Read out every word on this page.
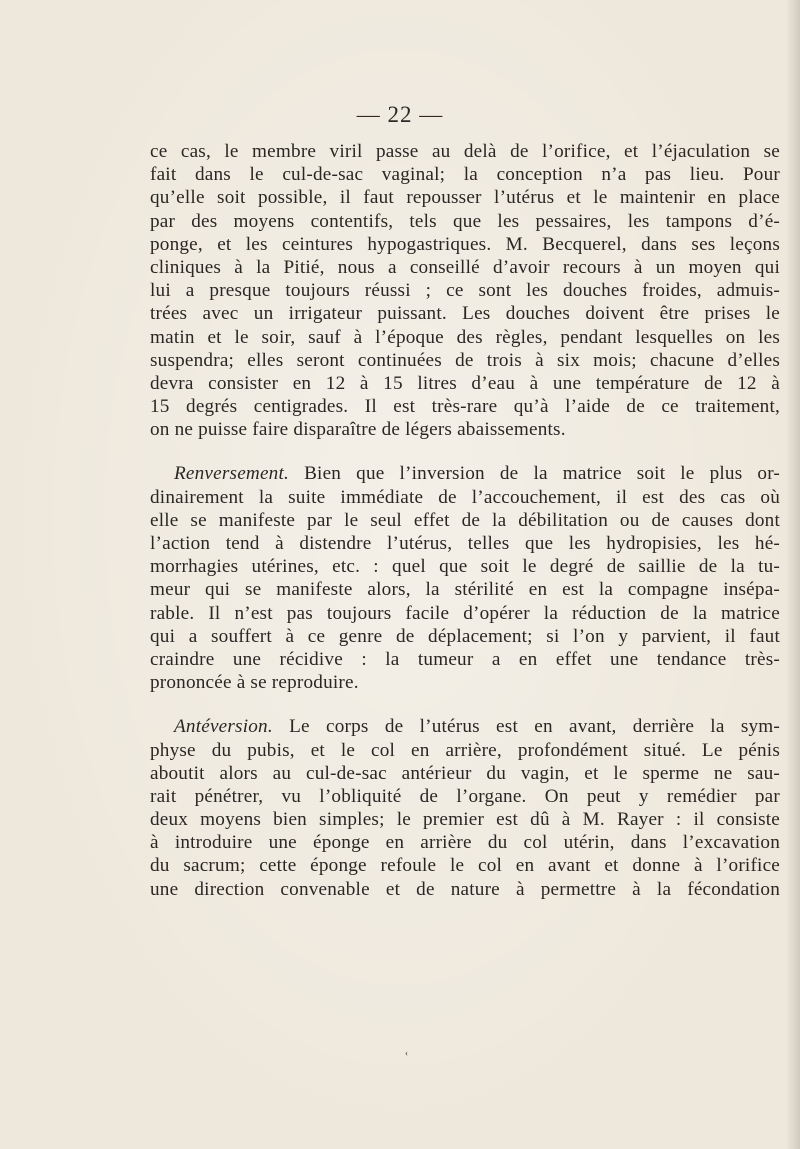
— 22 —
ce cas, le membre viril passe au delà de l’orifice, et l’éjaculation se
fait dans le cul-de-sac vaginal; la conception n’a pas lieu. Pour
qu’elle soit possible, il faut repousser l’utérus et le maintenir en place
par des moyens contentifs, tels que les pessaires, les tampons d’é-
ponge, et les ceintures hypogastriques. M. Becquerel, dans ses leçons
cliniques à la Pitié, nous a conseillé d’avoir recours à un moyen qui
lui a presque toujours réussi ; ce sont les douches froides, admuis-
trées avec un irrigateur puissant. Les douches doivent être prises le
matin et le soir, sauf à l’époque des règles, pendant lesquelles on les
suspendra; elles seront continuées de trois à six mois; chacune d’elles
devra consister en 12 à 15 litres d’eau à une température de 12 à
15 degrés centigrades. Il est très-rare qu’à l’aide de ce traitement,
on ne puisse faire disparaître de légers abaissements.
Renversement. Bien que l’inversion de la matrice soit le plus or-
dinairement la suite immédiate de l’accouchement, il est des cas où
elle se manifeste par le seul effet de la débilitation ou de causes dont
l’action tend à distendre l’utérus, telles que les hydropisies, les hé-
morrhagies utérines, etc. : quel que soit le degré de saillie de la tu-
meur qui se manifeste alors, la stérilité en est la compagne insépa-
rable. Il n’est pas toujours facile d’opérer la réduction de la matrice
qui a souffert à ce genre de déplacement; si l’on y parvient, il faut
craindre une récidive : la tumeur a en effet une tendance très-
prononcée à se reproduire.
Antéversion. Le corps de l’utérus est en avant, derrière la sym-
physe du pubis, et le col en arrière, profondément situé. Le pénis
aboutit alors au cul-de-sac antérieur du vagin, et le sperme ne sau-
rait pénétrer, vu l’obliquité de l’organe. On peut y remédier par
deux moyens bien simples; le premier est dû à M. Rayer : il consiste
à introduire une éponge en arrière du col utérin, dans l’excavation
du sacrum; cette éponge refoule le col en avant et donne à l’orifice
une direction convenable et de nature à permettre à la fécondation
‹
